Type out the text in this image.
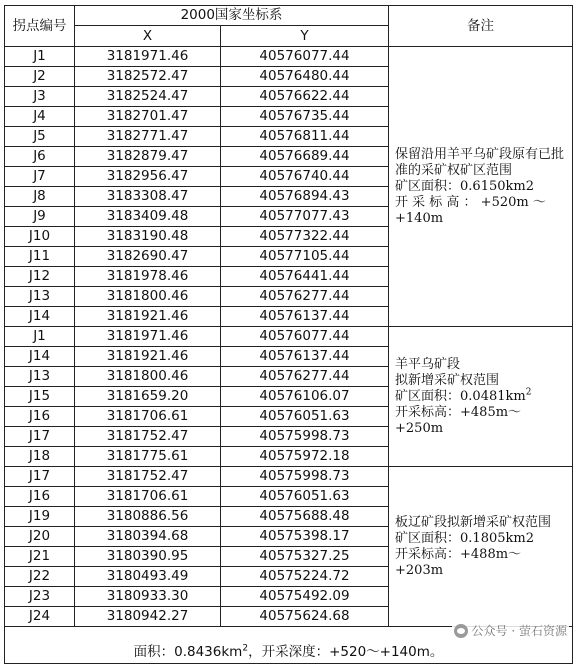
拐点编号	2000国家坐标系		备注
	X	Y	
J1	3181971.46	40576077.44	保留沿用羊平乌矿段原有已批准的采矿权矿区范围
矿区面积：0.6150km2
开 采 标 高 ： +520m ～ +140m

J2	3182572.47	40576480.44	
J3	3182524.47	40576622.44	
J4	3182701.47	40576735.44	
J5	3182771.47	40576811.44	
J6	3182879.47	40576689.44	
J7	3182956.47	40576740.44	
J8	3183308.47	40576894.43	
J9	3183409.48	40577077.43	
J10	3183190.48	40577322.44	
J11	3182690.47	40577105.44	
J12	3181978.46	40576441.44	
J13	3181800.46	40576277.44	
J14	3181921.46	40576137.44	
J1	3181971.46	40576077.44	羊平乌矿段
拟新增采矿权范围
矿区面积：$0.0481km^2$
开采标高：+485m～+250m

J14	3181921.46	40576137.44	
J13	3181800.46	40576277.44	
J15	3181659.20	40576106.07	
J16	3181706.61	40576051.63	
J17	3181752.47	40575998.73	
J18	3181775.61	40575972.18	
J17	3181752.47	40575998.73	板辽矿段拟新增采矿权范围
矿区面积：0.1805km2
开采标高：+488m～+203m

J16	3181706.61	40576051.63	
J19	3180886.56	40575688.48	
J20	3180394.68	40575398.17	
J21	3180390.95	40575327.25	
J22	3180493.49	40575224.72	
J23	3180933.30	40575492.09	
J24	3180942.27	40575624.68	
面积：$0.8436km^2$，开采深度：+520～+140m。			
公众号 · 萤石资源
